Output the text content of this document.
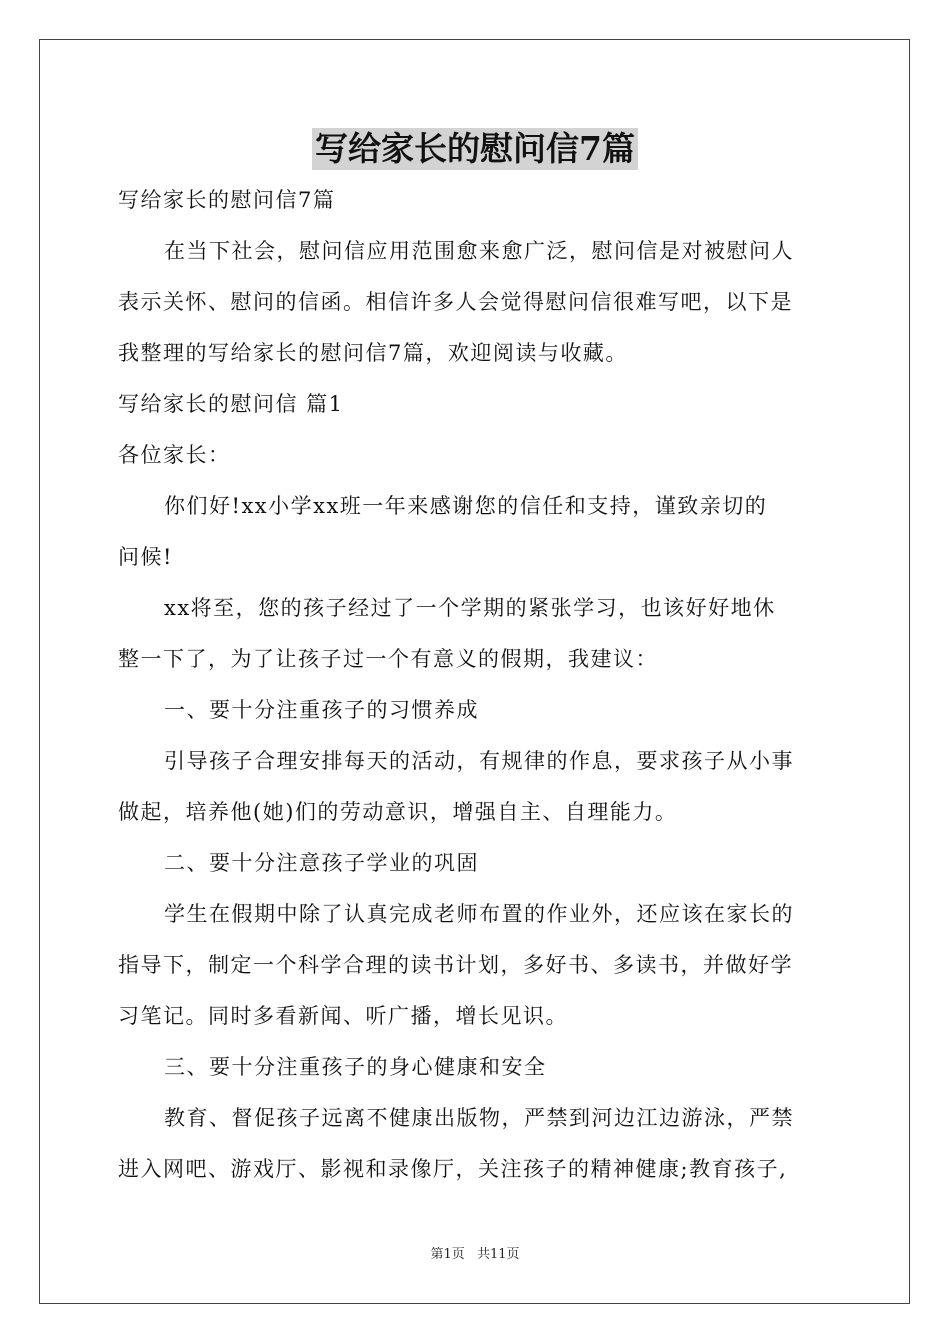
写给家长的慰问信7篇
写给家长的慰问信7篇
在当下社会，慰问信应用范围愈来愈广泛，慰问信是对被慰问人
表示关怀、慰问的信函。相信许多人会觉得慰问信很难写吧，以下是
我整理的写给家长的慰问信7篇，欢迎阅读与收藏。
写给家长的慰问信 篇1
各位家长：
你们好!xx小学xx班一年来感谢您的信任和支持，谨致亲切的
问候!
xx将至，您的孩子经过了一个学期的紧张学习，也该好好地休
整一下了，为了让孩子过一个有意义的假期，我建议：
一、要十分注重孩子的习惯养成
引导孩子合理安排每天的活动，有规律的作息，要求孩子从小事
做起，培养他(她)们的劳动意识，增强自主、自理能力。
二、要十分注意孩子学业的巩固
学生在假期中除了认真完成老师布置的作业外，还应该在家长的
指导下，制定一个科学合理的读书计划，多好书、多读书，并做好学
习笔记。同时多看新闻、听广播，增长见识。
三、要十分注重孩子的身心健康和安全
教育、督促孩子远离不健康出版物，严禁到河边江边游泳，严禁
进入网吧、游戏厅、影视和录像厅，关注孩子的精神健康;教育孩子,
第1页 共11页
